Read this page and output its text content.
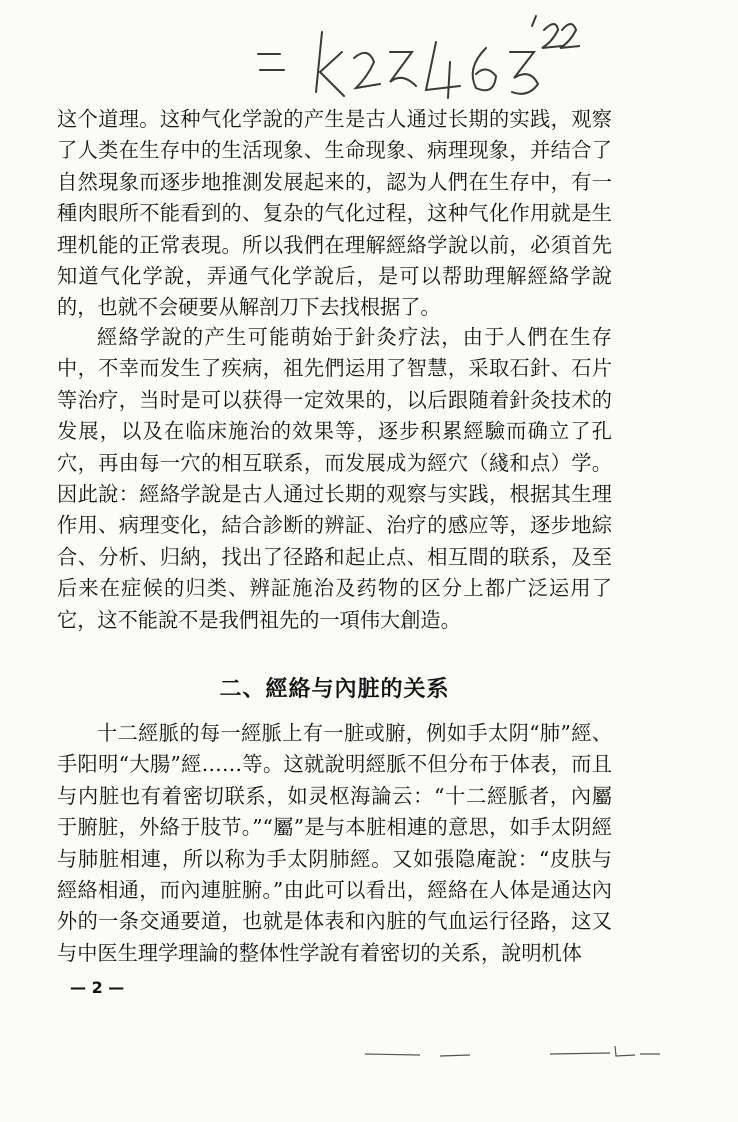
这个道理。这种气化学說的产生是古人通过长期的实践，观察了人类在生存中的生活现象、生命现象、病理现象，并结合了自然現象而逐步地推測发展起来的，認为人們在生存中，有一種肉眼所不能看到的、复杂的气化过程，这种气化作用就是生理机能的正常表現。所以我們在理解經絡学說以前，必須首先知道气化学說，弄通气化学說后，是可以帮助理解經絡学說的，也就不会硬要从解剖刀下去找根据了。

經絡学說的产生可能萌始于針灸疗法，由于人們在生存中，不幸而发生了疾病，祖先們运用了智慧，采取石針、石片等治疗，当时是可以获得一定效果的，以后跟随着針灸技术的发展，以及在临床施治的效果等，逐步积累經驗而确立了孔穴，再由每一穴的相互联系，而发展成为經穴（綫和点）学。因此說：經絡学說是古人通过长期的观察与实践，根据其生理作用、病理变化，結合診断的辨証、治疗的感应等，逐步地綜合、分析、归納，找出了径路和起止点、相互間的联系，及至后来在症候的归类、辨証施治及药物的区分上都广泛运用了它，这不能說不是我們祖先的一項伟大創造。

二、經絡与內脏的关系

十二經脈的每一經脈上有一脏或腑，例如手太阴“肺”經、手阳明“大腸”經……等。这就說明經脈不但分布于体表，而且与内脏也有着密切联系，如灵枢海論云：“十二經脈者，內屬于腑脏，外絡于肢节。”“屬”是与本脏相連的意思，如手太阴經与肺脏相連，所以称为手太阴肺經。又如張隐庵說：“皮肤与經絡相通，而內連脏腑。”由此可以看出，經絡在人体是通达內外的一条交通要道，也就是体表和內脏的气血运行径路，这又与中医生理学理論的整体性学說有着密切的关系，說明机体

— 2 —
